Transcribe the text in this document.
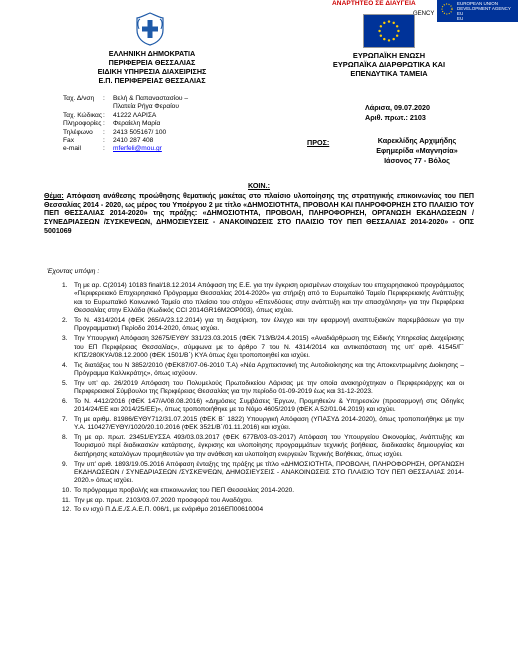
ΑΝΑΡΤΗΤΕΟ ΣΕ ΔΙΑΥΓΕΙΑ
GENCY
EUROPEAN UNION
DEVELOPMENT AGENCY
EU
EU
EU
EU
ΕΛΛΗΝΙΚΗ ΔΗΜΟΚΡΑΤΙΑ
ΠΕΡΙΦΕΡΕΙΑ ΘΕΣΣΑΛΙΑΣ
ΕΙΔΙΚΗ ΥΠΗΡΕΣΙΑ ΔΙΑΧΕΙΡΙΣΗΣ
Ε.Π. ΠΕΡΙΦΕΡΕΙΑΣ ΘΕΣΣΑΛΙΑΣ
Ταχ. Δ/νση	:	Βελή & Παπαναστασίου –
Πλατεία Ρήγα Φεραίου
Ταχ. Κώδικας :	41222 ΛΑΡΙΣΑ
Πληροφορίες :	Φεραίελη Μαρία
Τηλέφωνο	:	2413 505167/ 100
Fax	:	2410 287 408
e-mail	:	mferfeli@mou.gr
ΕΥΡΩΠΑΪΚΗ ΕΝΩΣΗ
ΕΥΡΩΠΑΪΚΑ ΔΙΑΡΘΡΩΤΙΚΑ ΚΑΙ
ΕΠΕΝΔΥΤΙΚΑ ΤΑΜΕΙΑ
Λάρισα, 09.07.2020
Αριθ. πρωτ.: 2103
ΠΡΟΣ:	Καρεκλίδης Αρχιμήδης
Εφημερίδα «Μαγνησία»
Ιάσονος 77 - Βόλος
ΚΟΙΝ.:
Θέμα: Απόφαση ανάθεσης προώθησης θεματικής μακέτας στο πλαίσιο υλοποίησης της στρατηγικής επικοινωνίας του ΠΕΠ Θεσσαλίας 2014 - 2020, ως μέρος του Υποέργου 2 με τίτλο «ΔΗΜΟΣΙΟΤΗΤΑ, ΠΡΟΒΟΛΗ ΚΑΙ ΠΛΗΡΟΦΟΡΗΣΗ ΣΤΟ ΠΛΑΙΣΙΟ ΤΟΥ ΠΕΠ ΘΕΣΣΑΛΙΑΣ 2014-2020» της πράξης: «ΔΗΜΟΣΙΟΤΗΤΑ, ΠΡΟΒΟΛΗ, ΠΛΗΡΟΦΟΡΗΣΗ, ΟΡΓΑΝΩΣΗ ΕΚΔΗΛΩΣΕΩΝ / ΣΥΝΕΔΡΙΑΣΕΩΝ /ΣΥΣΚΕΨΕΩΝ, ΔΗΜΟΣΙΕΥΣΕΙΣ - ΑΝΑΚΟΙΝΩΣΕΙΣ ΣΤΟ ΠΛΑΙΣΙΟ ΤΟΥ ΠΕΠ ΘΕΣΣΑΛΙΑΣ 2014-2020» - ΟΠΣ 5001069
Έχοντας υπόψη :
1. Τη με αρ. C(2014) 10183 final/18.12.2014 Απόφαση της Ε.Ε. για την έγκριση ορισμένων στοιχείων του επιχειρησιακού προγράμματος «Περιφερειακό Επιχειρησιακό Πρόγραμμα Θεσσαλίας 2014-2020» για στήριξη από το Ευρωπαϊκό Ταμείο Περιφερειακής Ανάπτυξης και το Ευρωπαϊκό Κοινωνικό Ταμείο στο πλαίσιο του στόχου «Επενδύσεις στην ανάπτυξη και την απασχόληση» για την Περιφέρεια Θεσσαλίας στην Ελλάδα (Κωδικός CCI 2014GR16M2OP003), όπως ισχύει.
2. Το Ν. 4314/2014 (ΦΕΚ 265/Α/23.12.2014) για τη διαχείριση, τον έλεγχο και την εφαρμογή αναπτυξιακών παρεμβάσεων για την Προγραμματική Περίοδο 2014-2020, όπως ισχύει.
3. Την Υπουργική Απόφαση 32675/ΕΥΘΥ 331/23.03.2015 (ΦΕΚ 713/Β/24.4.2015) «Αναδιάρθρωση της Ειδικής Υπηρεσίας Διαχείρισης του ΕΠ Περιφέρειας Θεσσαλίας», σύμφωνα με το άρθρο 7 του Ν. 4314/2014 και αντικατάσταση της υπ’ αριθ. 41545/Γ΄ ΚΠΣ/280ΚΥΑ/08.12.2000 (ΦΕΚ 1501/Β΄) ΚΥΑ όπως έχει τροποποιηθεί και ισχύει.
4. Τις διατάξεις του Ν 3852/2010 (ΦΕΚ87/07-06-2010 Τ.Α) «Νέα Αρχιτεκτονική της Αυτοδιοίκησης και της Αποκεντρωμένης Διοίκησης – Πρόγραμμα Καλλικράτης», όπως ισχύουν.
5. Την υπ’ αρ. 26/2019 Απόφαση του Πολυμελούς Πρωτοδικείου Λάρισας με την οποία ανακηρύχτηκαν ο Περιφερειάρχης και οι Περιφερειακοί Σύμβουλοι της Περιφέρειας Θεσσαλίας για την περίοδο 01-09-2019 έως και 31-12-2023.
6. Το Ν. 4412/2016 (ΦΕΚ 147/Α/08.08.2016) «Δημόσιες Συμβάσεις Έργων, Προμηθειών & Υπηρεσιών (προσαρμογή στις Οδηγίες 2014/24/ΕΕ και 2014/25/ΕΕ)», όπως τροποποιήθηκε με το Νόμο 4605/2019 (ΦΕΚ Α 52/01.04.2019) και ισχύει.
7. Τη με αριθμ. 81986/ΕΥΘΥ712/31.07.2015 (ΦΕΚ Β΄ 1822) Υπουργική Απόφαση (ΥΠΑΣΥΔ 2014-2020), όπως τροποποιήθηκε με την Υ.Α. 110427/ΕΥΘΥ/1020/20.10.2016 (ΦΕΚ 3521/Β΄/01.11.2016) και ισχύει.
8. Τη με αρ. πρωτ. 23451/ΕΥΣΣΑ 493/03.03.2017 (ΦΕΚ 677Β/03-03-2017) Απόφαση του Υπουργείου Οικονομίας, Ανάπτυξης και Τουρισμού περί διαδικασιών κατάρτισης, έγκρισης και υλοποίησης προγραμμάτων τεχνικής βοήθειας, διαδικασίες δημιουργίας και διατήρησης καταλόγων προμηθευτών για την ανάθεση και υλοποίηση ενεργειών Τεχνικής Βοήθειας, όπως ισχύει.
9. Την υπ’ αριθ. 1893/19.05.2016 Απόφαση ένταξης της πράξης με τίτλο «ΔΗΜΟΣΙΟΤΗΤΑ, ΠΡΟΒΟΛΗ, ΠΛΗΡΟΦΟΡΗΣΗ, ΟΡΓΑΝΩΣΗ ΕΚΔΗΛΩΣΕΩΝ / ΣΥΝΕΔΡΙΑΣΕΩΝ /ΣΥΣΚΕΨΕΩΝ, ΔΗΜΟΣΙΕΥΣΕΙΣ - ΑΝΑΚΟΙΝΩΣΕΙΣ ΣΤΟ ΠΛΑΙΣΙΟ ΤΟΥ ΠΕΠ ΘΕΣΣΑΛΙΑΣ 2014-2020.» όπως ισχύει.
10. Το πρόγραμμα προβολής και επικοινωνίας του ΠΕΠ Θεσσαλίας 2014-2020.
11. Την με αρ. πρωτ. 2103/03.07.2020 προσφορά του Αναδόχου.
12. Το εν ισχύ Π.Δ.Ε./Σ.Α.Ε.Π. 006/1, με ενάριθμο 2016ΕΠ00610004
